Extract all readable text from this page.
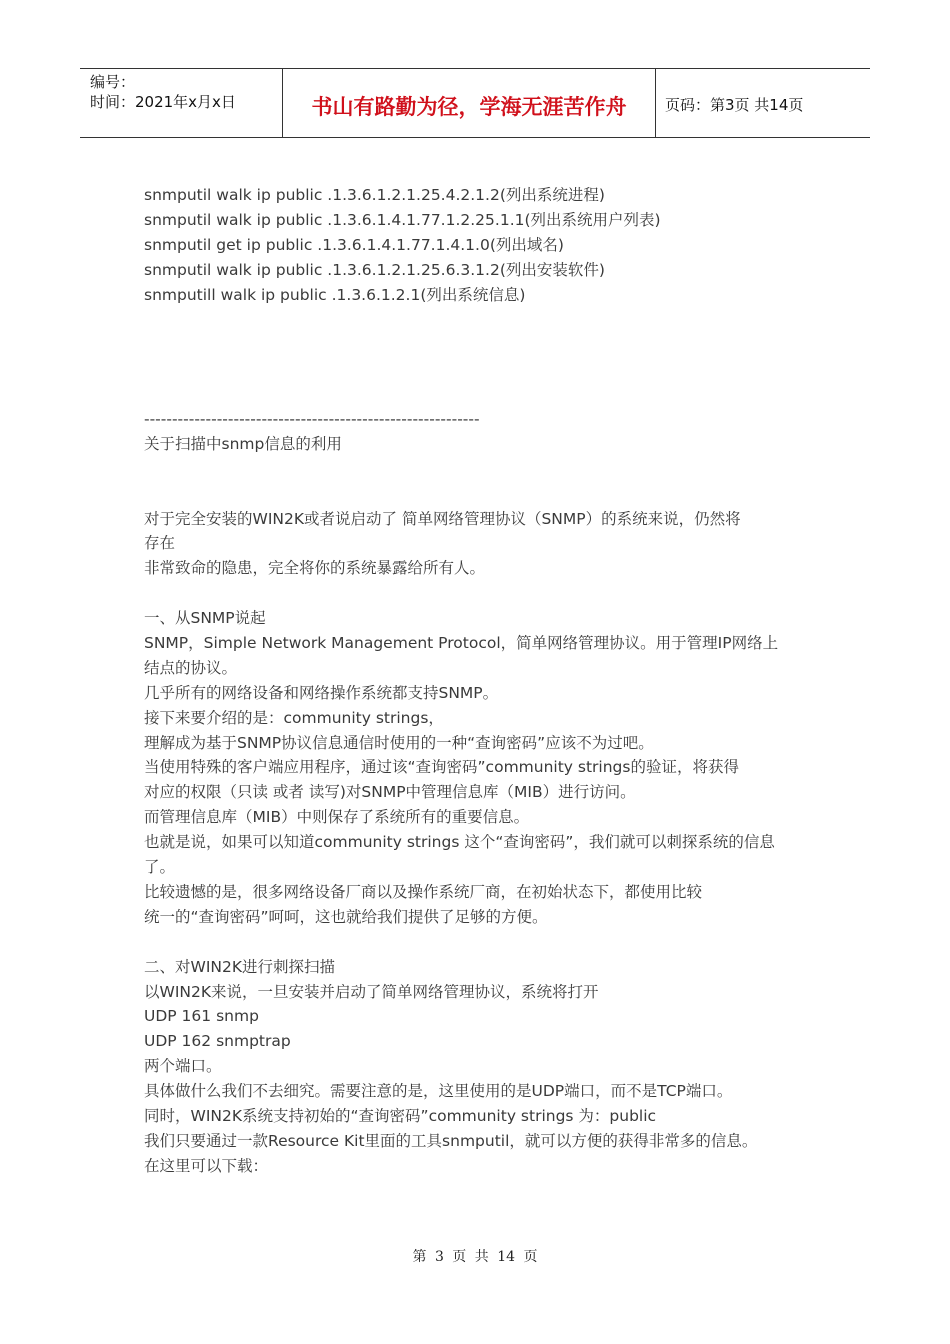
编号：
时间：2021年x月x日	书山有路勤为径，学海无涯苦作舟	页码：第3页 共14页
snmputil walk ip public .1.3.6.1.2.1.25.4.2.1.2(列出系统进程)
snmputil walk ip public .1.3.6.1.4.1.77.1.2.25.1.1(列出系统用户列表)
snmputil get ip public .1.3.6.1.4.1.77.1.4.1.0(列出域名)
snmputil walk ip public .1.3.6.1.2.1.25.6.3.1.2(列出安装软件)
snmputill walk ip public .1.3.6.1.2.1(列出系统信息)
------------------------------------------------------------
关于扫描中snmp信息的利用
对于完全安装的WIN2K或者说启动了 简单网络管理协议（SNMP）的系统来说，仍然将
存在
非常致命的隐患，完全将你的系统暴露给所有人。
一、从SNMP说起
SNMP，Simple Network Management Protocol，简单网络管理协议。用于管理IP网络上
结点的协议。
几乎所有的网络设备和网络操作系统都支持SNMP。
接下来要介绍的是：community strings，
理解成为基于SNMP协议信息通信时使用的一种“查询密码”应该不为过吧。
当使用特殊的客户端应用程序，通过该“查询密码”community strings的验证，将获得
对应的权限（只读 或者 读写)对SNMP中管理信息库（MIB）进行访问。
而管理信息库（MIB）中则保存了系统所有的重要信息。
也就是说，如果可以知道community strings 这个“查询密码”，我们就可以刺探系统的信息
了。
比较遗憾的是，很多网络设备厂商以及操作系统厂商，在初始状态下，都使用比较
统一的“查询密码”呵呵，这也就给我们提供了足够的方便。
二、对WIN2K进行刺探扫描
以WIN2K来说，一旦安装并启动了简单网络管理协议，系统将打开
UDP 161 snmp
UDP 162 snmptrap
两个端口。
具体做什么我们不去细究。需要注意的是，这里使用的是UDP端口，而不是TCP端口。
同时，WIN2K系统支持初始的“查询密码”community strings 为：public
我们只要通过一款Resource Kit里面的工具snmputil，就可以方便的获得非常多的信息。
在这里可以下载：
第 3 页 共 14 页
